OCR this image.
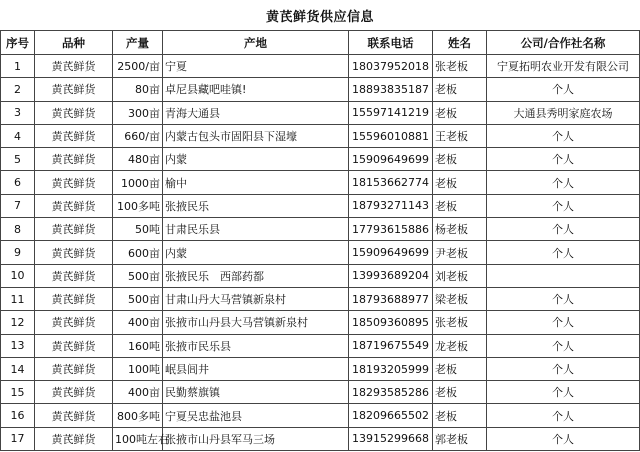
黄芪鲜货供应信息
序号	品种	产量	产地	联系电话	姓名	公司/合作社名称
1	黄芪鲜货	2500/亩	宁夏	18037952018	张老板	宁夏拓明农业开发有限公司
2	黄芪鲜货	80亩	卓尼县藏吧哇镇!	18893835187	老板	个人
3	黄芪鲜货	300亩	青海大通县	15597141219	老板	大通县秀明家庭农场
4	黄芪鲜货	660/亩	内蒙古包头市固阳县下湿壕	15596010881	王老板	个人
5	黄芪鲜货	480亩	内蒙	15909649699	老板	个人
6	黄芪鲜货	1000亩	榆中	18153662774	老板	个人
7	黄芪鲜货	100多吨	张掖民乐	18793271143	老板	个人
8	黄芪鲜货	50吨	甘肃民乐县	17793615886	杨老板	个人
9	黄芪鲜货	600亩	内蒙	15909649699	尹老板	个人
10	黄芪鲜货	500亩	张掖民乐　西部药都	13993689204	刘老板	
11	黄芪鲜货	500亩	甘肃山丹大马营镇新泉村	18793688977	梁老板	个人
12	黄芪鲜货	400亩	张掖市山丹县大马营镇新泉村	18509360895	张老板	个人
13	黄芪鲜货	160吨	张掖市民乐县	18719675549	龙老板	个人
14	黄芪鲜货	100吨	岷县闾井	18193205999	老板	个人
15	黄芪鲜货	400亩	民勤蔡旗镇	18293585286	老板	个人
16	黄芪鲜货	800多吨	宁夏吴忠盐池县	18209665502	老板	个人
17	黄芪鲜货	100吨左右	张掖市山丹县军马三场	13915299668	郭老板	个人
